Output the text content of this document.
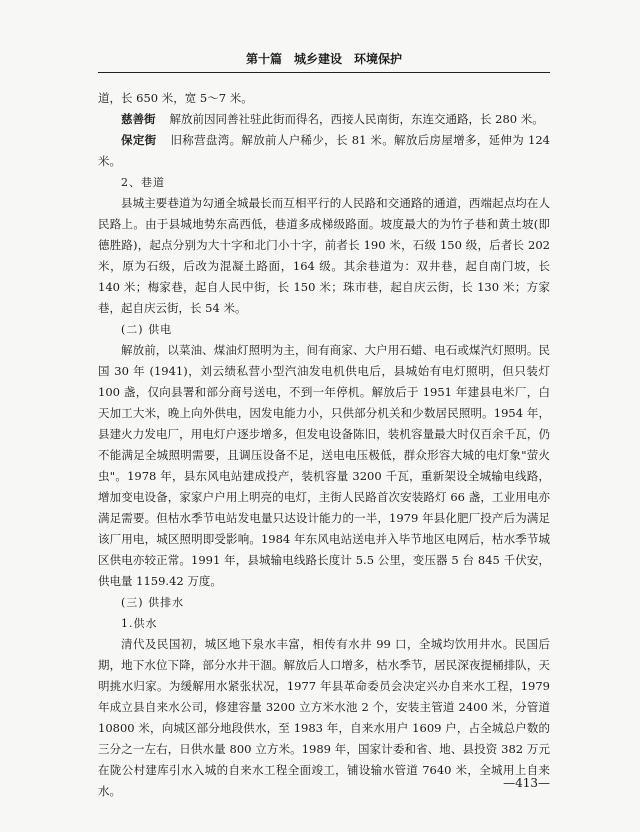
第十篇　城乡建设　环境保护

道，长 650 米，宽 5～7 米。

慈善街 解放前因同善社驻此街而得名，西接人民南街，东连交通路，长 280 米。

保定街 旧称营盘湾。解放前人户稀少，长 81 米。解放后房屋增多，延伸为 124 米。

2、巷道

县城主要巷道为勾通全城最长而互相平行的人民路和交通路的通道，西端起点均在人民路上。由于县城地势东高西低，巷道多成梯级路面。坡度最大的为竹子巷和黄土坡(即德胜路)，起点分别为大十字和北门小十字，前者长 190 米，石级 150 级，后者长 202 米，原为石级，后改为混凝土路面，164 级。其余巷道为：双井巷，起自南门坡，长 140 米；梅家巷，起自人民中街，长 150 米；珠市巷，起自庆云街，长 130 米；方家巷，起自庆云街，长 54 米。

(二) 供电

解放前，以菜油、煤油灯照明为主，间有商家、大户用石蜡、电石或煤汽灯照明。民国 30 年 (1941)，刘云绩私营小型汽油发电机供电后，县城始有电灯照明，但只装灯 100 盏，仅向县署和部分商号送电，不到一年停机。解放后于 1951 年建县电米厂，白天加工大米，晚上向外供电，因发电能力小，只供部分机关和少数居民照明。1954 年，县建火力发电厂，用电灯户逐步增多，但发电设备陈旧，装机容量最大时仅百余千瓦，仍不能满足全城照明需要，且调压设备不足，送电电压极低，群众形容大城的电灯象"萤火虫"。1978 年，县东风电站建成投产，装机容量 3200 千瓦，重新架设全城输电线路，增加变电设备，家家户户用上明亮的电灯，主街人民路首次安装路灯 66 盏，工业用电亦满足需要。但枯水季节电站发电量只达设计能力的一半，1979 年县化肥厂投产后为满足该厂用电，城区照明即受影响。1984 年东风电站送电并入毕节地区电网后，枯水季节城区供电亦较正常。1991 年，县城输电线路长度计 5.5 公里，变压器 5 台 845 千伏安，供电量 1159.42 万度。

(三) 供排水

1.供水

清代及民国初，城区地下泉水丰富，相传有水井 99 口，全城均饮用井水。民国后期，地下水位下降，部分水井干涸。解放后人口增多，枯水季节，居民深夜提桶排队，天明挑水归家。为缓解用水紧张状况，1977 年县革命委员会决定兴办自来水工程，1979 年成立县自来水公司，修建容量 3200 立方米水池 2 个，安装主管道 2400 米，分管道 10800 米，向城区部分地段供水，至 1983 年，自来水用户 1609 户，占全城总户数的三分之一左右，日供水量 800 立方米。1989 年，国家计委和省、地、县投资 382 万元在陇公村建库引水入城的自来水工程全面竣工，铺设输水管道 7640 米，全城用上自来水。

—413—
